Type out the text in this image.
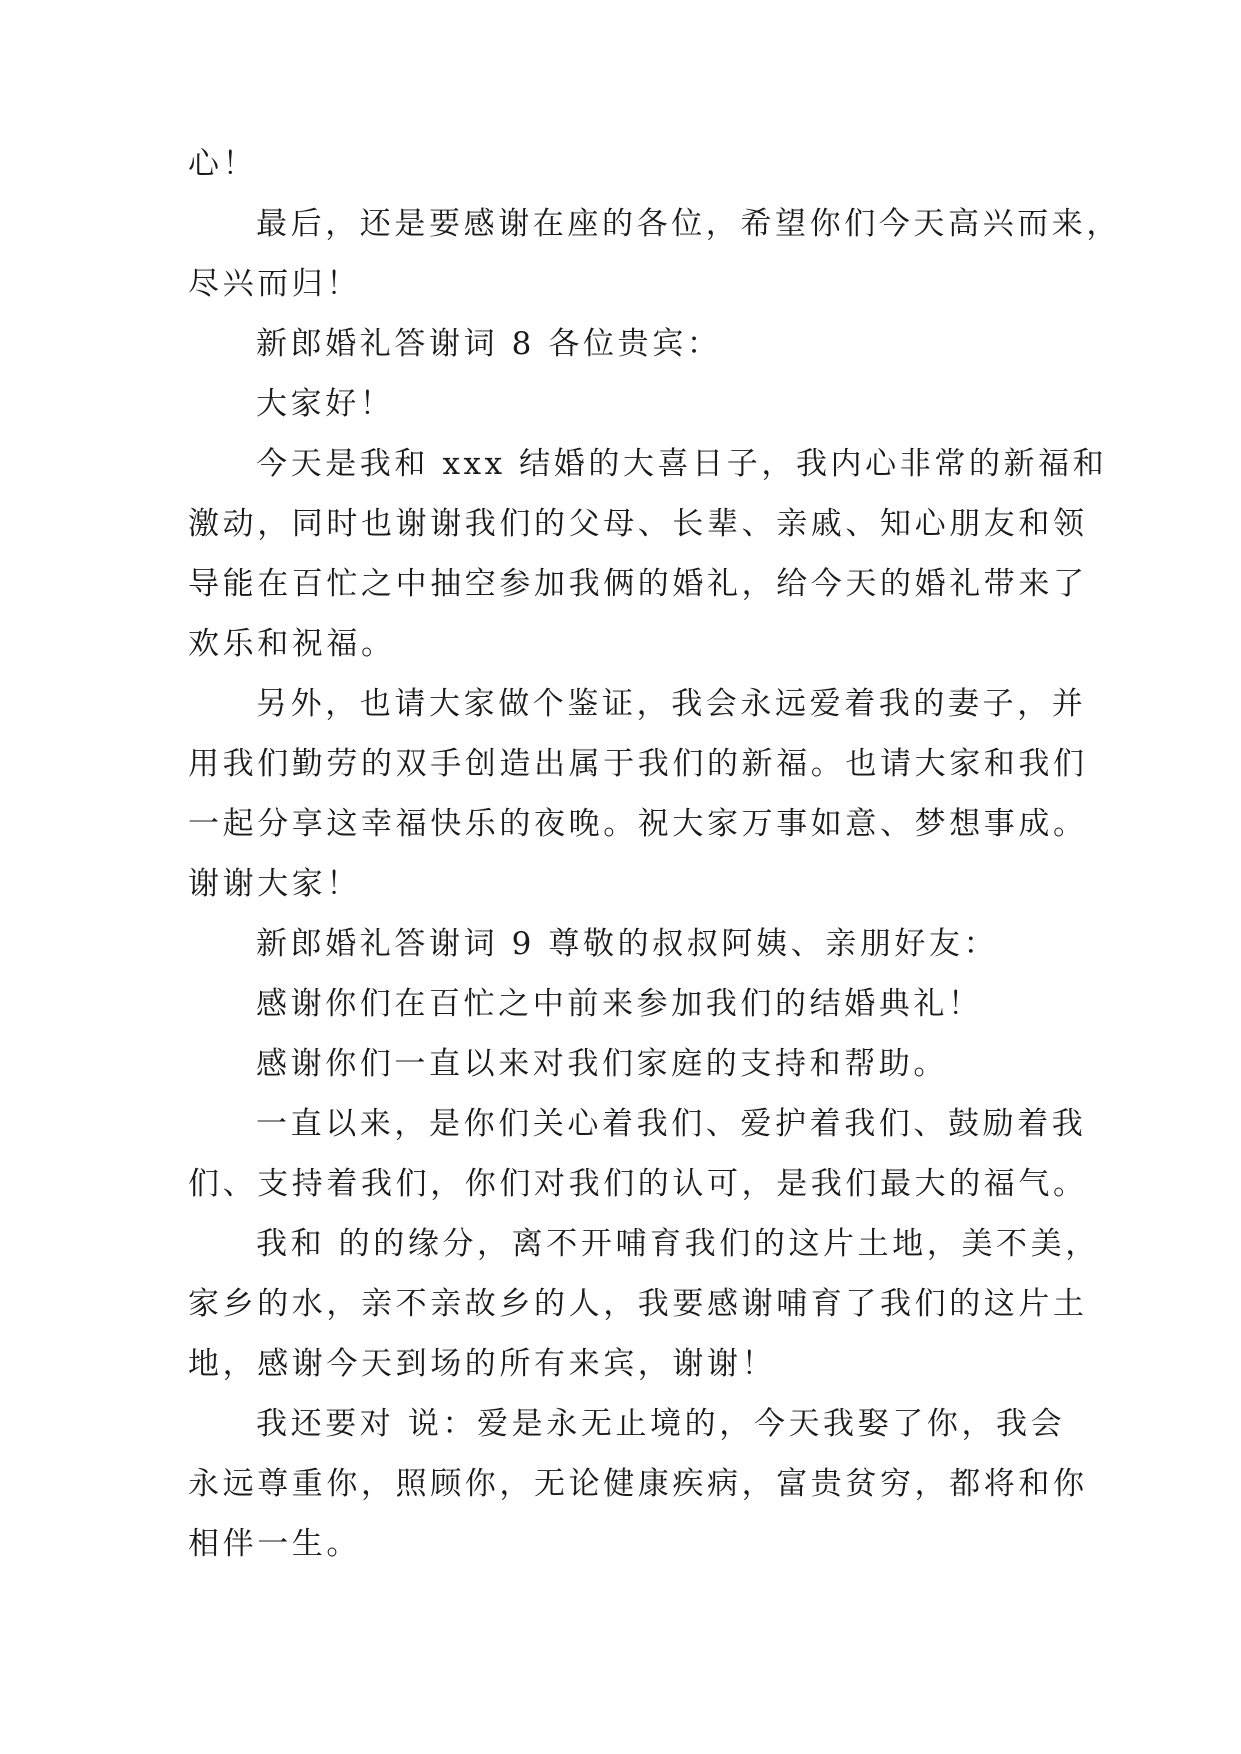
心！
最后，还是要感谢在座的各位，希望你们今天高兴而来，
尽兴而归！
新郎婚礼答谢词 8 各位贵宾：
大家好！
今天是我和 xxx 结婚的大喜日子，我内心非常的新福和
激动，同时也谢谢我们的父母、长辈、亲戚、知心朋友和领
导能在百忙之中抽空参加我俩的婚礼，给今天的婚礼带来了
欢乐和祝福。
另外，也请大家做个鉴证，我会永远爱着我的妻子，并
用我们勤劳的双手创造出属于我们的新福。也请大家和我们
一起分享这幸福快乐的夜晚。祝大家万事如意、梦想事成。
谢谢大家！
新郎婚礼答谢词 9 尊敬的叔叔阿姨、亲朋好友：
感谢你们在百忙之中前来参加我们的结婚典礼！
感谢你们一直以来对我们家庭的支持和帮助。
一直以来，是你们关心着我们、爱护着我们、鼓励着我
们、支持着我们，你们对我们的认可，是我们最大的福气。
我和 的的缘分，离不开哺育我们的这片土地，美不美，
家乡的水，亲不亲故乡的人，我要感谢哺育了我们的这片土
地，感谢今天到场的所有来宾，谢谢！
我还要对 说：爱是永无止境的，今天我娶了你，我会
永远尊重你，照顾你，无论健康疾病，富贵贫穷，都将和你
相伴一生。
